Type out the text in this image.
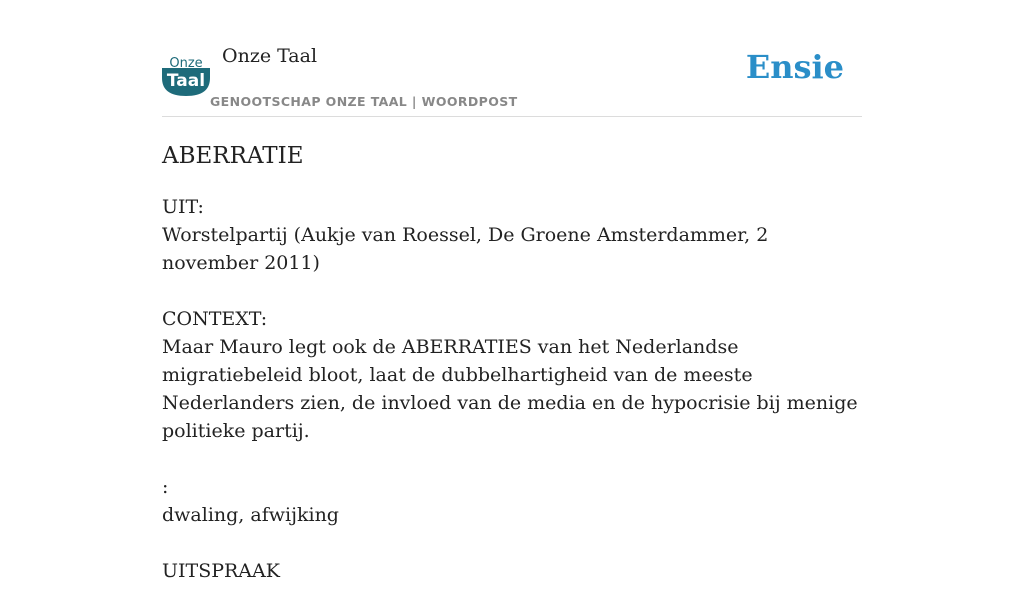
Onze
Taal
Onze Taal
GENOOTSCHAP ONZE TAAL | WOORDPOST
Ensie
ABERRATIE

UIT:

Worstelpartij (Aukje van Roessel, De Groene Amsterdammer, 2 november 2011)

CONTEXT:

Maar Mauro legt ook de ABERRATIES van het Nederlandse migratiebeleid bloot, laat de dubbelhartigheid van de meeste Nederlanders zien, de invloed van de media en de hypocrisie bij menige politieke partij.

:

dwaling, afwijking

UITSPRAAK
